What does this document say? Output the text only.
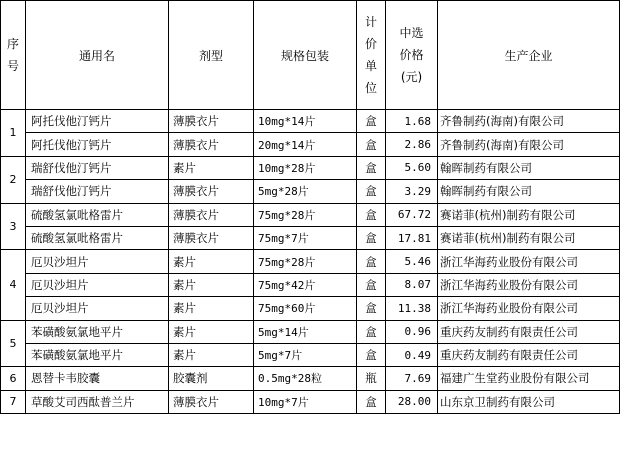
序号	通用名	剂型	规格包装	计价单位	中选价格(元)	生产企业
1	阿托伐他汀钙片	薄膜衣片	10mg*14片	盒	1.68	齐鲁制药(海南)有限公司
	阿托伐他汀钙片	薄膜衣片	20mg*14片	盒	2.86	齐鲁制药(海南)有限公司
2	瑞舒伐他汀钙片	素片	10mg*28片	盒	5.60	翰晖制药有限公司
	瑞舒伐他汀钙片	薄膜衣片	5mg*28片	盒	3.29	翰晖制药有限公司
3	硫酸氢氯吡格雷片	薄膜衣片	75mg*28片	盒	67.72	赛诺菲(杭州)制药有限公司
	硫酸氢氯吡格雷片	薄膜衣片	75mg*7片	盒	17.81	赛诺菲(杭州)制药有限公司
4	厄贝沙坦片	素片	75mg*28片	盒	5.46	浙江华海药业股份有限公司
	厄贝沙坦片	素片	75mg*42片	盒	8.07	浙江华海药业股份有限公司
	厄贝沙坦片	素片	75mg*60片	盒	11.38	浙江华海药业股份有限公司
5	苯磺酸氨氯地平片	素片	5mg*14片	盒	0.96	重庆药友制药有限责任公司
	苯磺酸氨氯地平片	素片	5mg*7片	盒	0.49	重庆药友制药有限责任公司
6	恩替卡韦胶囊	胶囊剂	0.5mg*28粒	瓶	7.69	福建广生堂药业股份有限公司
7	草酸艾司西酞普兰片	薄膜衣片	10mg*7片	盒	28.00	山东京卫制药有限公司
